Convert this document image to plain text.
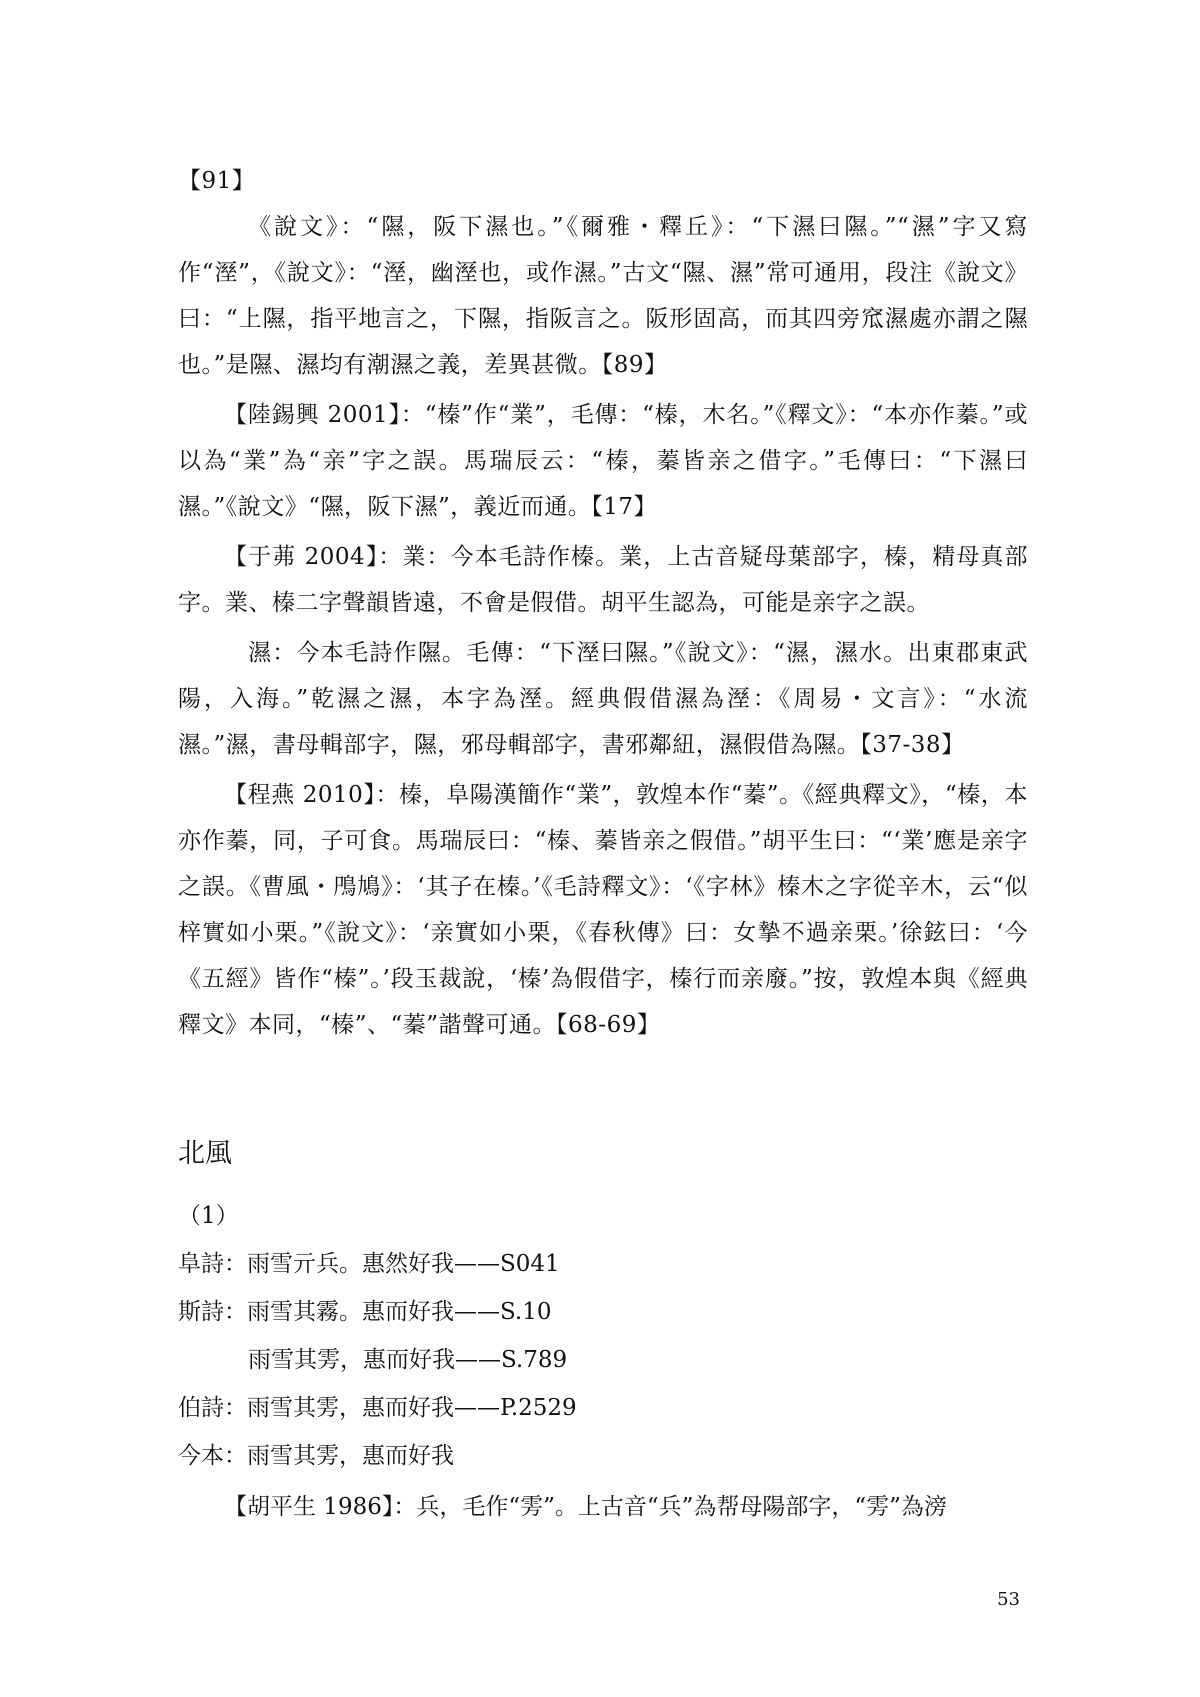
【91】

《說文》：“隰，阪下濕也。”《爾雅・釋丘》：“下濕曰隰。”“濕”字又寫作“溼”，《說文》：“溼，幽溼也，或作濕。”古文“隰、濕”常可通用，段注《說文》曰：“上隰，指平地言之，下隰，指阪言之。阪形固高，而其四旁窊濕處亦謂之隰也。”是隰、濕均有潮濕之義，差異甚微。【89】

【陸錫興 2001】：“榛”作“業”，毛傳：“榛，木名。”《釋文》：“本亦作蓁。”或以為“業”為“亲”字之誤。馬瑞辰云：“榛，蓁皆亲之借字。”毛傳曰：“下濕曰濕。”《說文》“隰，阪下濕”，義近而通。【17】

【于茀 2004】：業：今本毛詩作榛。業，上古音疑母葉部字，榛，精母真部字。業、榛二字聲韻皆遠，不會是假借。胡平生認為，可能是亲字之誤。

濕：今本毛詩作隰。毛傳：“下溼曰隰。”《說文》：“濕，濕水。出東郡東武陽，入海。”乾濕之濕，本字為溼。經典假借濕為溼：《周易・文言》：“水流濕。”濕，書母輯部字，隰，邪母輯部字，書邪鄰紐，濕假借為隰。【37-38】

【程燕 2010】：榛，阜陽漢簡作“業”，敦煌本作“蓁”。《經典釋文》，“榛，本亦作蓁，同，子可食。馬瑞辰曰：“榛、蓁皆亲之假借。”胡平生曰：“‘業’應是亲字之誤。《曹風・鳲鳩》：‘其子在榛。’《毛詩釋文》：‘《字林》榛木之字從辛木，云“似梓實如小栗。”《說文》：‘亲實如小栗，《春秋傳》曰：女摯不過亲栗。’徐鉉曰：‘今《五經》皆作“榛”。’段玉裁說，‘榛’為假借字，榛行而亲廢。”按，敦煌本與《經典釋文》本同，“榛”、“蓁”諧聲可通。【68-69】

北風
（1）
阜詩：雨雪亓兵。惠然好我——S041
斯詩：雨雪其霧。惠而好我——S.10
雨雪其雱，惠而好我——S.789
伯詩：雨雪其雱，惠而好我——P.2529
今本：雨雪其雱，惠而好我
【胡平生 1986】：兵，毛作“雱”。上古音“兵”為帮母陽部字，“雱”為滂
53
